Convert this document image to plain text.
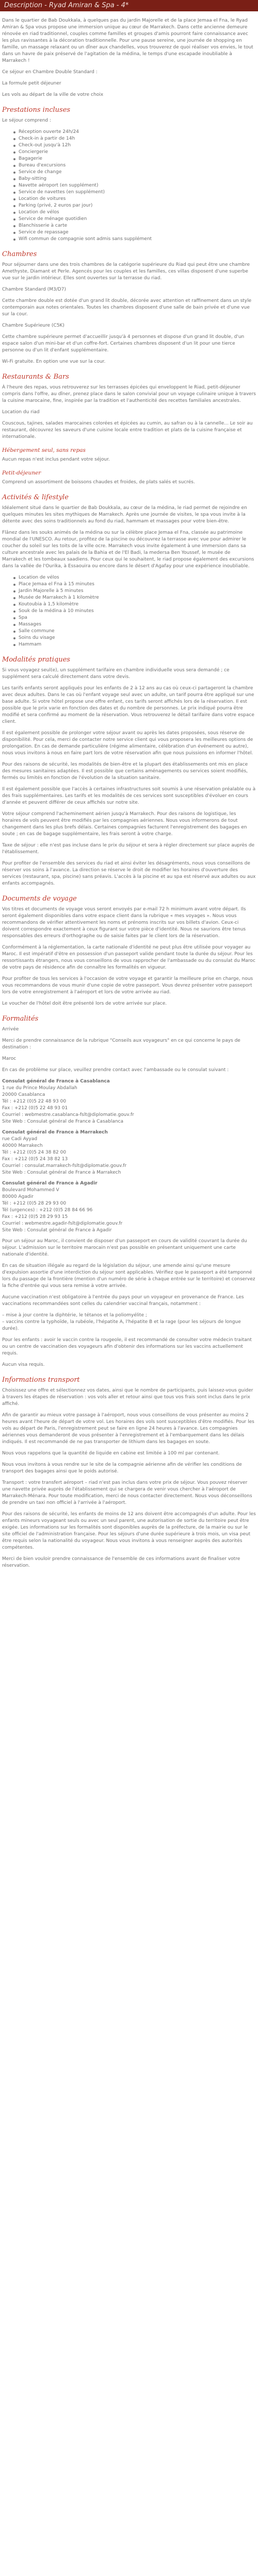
Description - Ryad Amiran & Spa - 4*

Dans le quartier de Bab Doukkala, à quelques pas du jardin Majorelle et de la place Jemaa el Fna, le Ryad Amiran & Spa vous propose une immersion unique au cœur de Marrakech. Dans cette ancienne demeure rénovée en riad traditionnel, couples comme familles et groupes d'amis pourront faire connaissance avec les plus ravissantes à la décoration traditionnelle. Pour une pause sereine, une journée de shopping en famille, un massage relaxant ou un dîner aux chandelles, vous trouverez de quoi réaliser vos envies, le tout dans un havre de paix préservé de l'agitation de la médina, le temps d'une escapade inoubliable à Marrakech !

Ce séjour en Chambre Double Standard :

La formule petit déjeuner

Les vols au départ de la ville de votre choix

Prestations incluses

Le séjour comprend :

Réception ouverte 24h/24
Check-in à partir de 14h
Check-out jusqu'à 12h
Conciergerie
Bagagerie
Bureau d'excursions
Service de change
Baby-sitting
Navette aéroport (en supplément)
Service de navettes (en supplément)
Location de voitures
Parking (privé, 2 euros par jour)
Location de vélos
Service de ménage quotidien
Blanchisserie à carte
Service de repassage
Wifi commun de compagnie sont admis sans supplément
Chambres

Pour séjourner dans une des trois chambres de la catégorie supérieure du Riad qui peut être une chambre Amethyste, Diamant et Perle. Agencés pour les couples et les familles, ces villas disposent d'une superbe vue sur le jardin intérieur. Elles sont ouvertes sur la terrasse du riad.

Chambre Standard (M3/D7)

Cette chambre double est dotée d'un grand lit double, décorée avec attention et raffinement dans un style contemporain aux notes orientales. Toutes les chambres disposent d'une salle de bain privée et d'une vue sur la cour.

Chambre Supérieure (C5K)

Cette chambre supérieure permet d'accueillir jusqu'à 4 personnes et dispose d'un grand lit double, d'un espace salon d'un mini-bar et d'un coffre-fort. Certaines chambres disposent d'un lit pour une tierce personne ou d'un lit d'enfant supplémentaire.

Wi-Fi gratuite. En option une vue sur la cour.

Restaurants & Bars

À l'heure des repas, vous retrouverez sur les terrasses épicées qui enveloppent le Riad, petit-déjeuner compris dans l'offre, au dîner, prenez place dans le salon convivial pour un voyage culinaire unique à travers la cuisine marocaine, fine, inspirée par la tradition et l'authenticité des recettes familiales ancestrales.

Location du riad

Couscous, tajines, salades marocaines colorées et épicées au cumin, au safran ou à la cannelle... Le soir au restaurant, découvrez les saveurs d'une cuisine locale entre tradition et plats de la cuisine française et internationale.

Hébergement seul, sans repas

Aucun repas n'est inclus pendant votre séjour.

Petit-déjeuner

Comprend un assortiment de boissons chaudes et froides, de plats salés et sucrés.

Activités & lifestyle

Idéalement situé dans le quartier de Bab Doukkala, au cœur de la médina, le riad permet de rejoindre en quelques minutes les sites mythiques de Marrakech. Après une journée de visites, le spa vous invite à la détente avec des soins traditionnels au fond du riad, hammam et massages pour votre bien-être.

Flânez dans les souks animés de la médina ou sur la célèbre place Jemaa el Fna, classée au patrimoine mondial de l'UNESCO. Au retour, profitez de la piscine ou découvrez la terrasse avec vue pour admirer le coucher du soleil sur les toits de la ville ocre. Marrakech vous invite également à une immersion dans sa culture ancestrale avec les palais de la Bahia et de l'El Badi, la medersa Ben Youssef, le musée de Marrakech et les tombeaux saadiens. Pour ceux qui le souhaitent, le riad propose également des excursions dans la vallée de l'Ourika, à Essaouira ou encore dans le désert d'Agafay pour une expérience inoubliable.

Location de vélos
Place Jemaa el Fna à 15 minutes
Jardin Majorelle à 5 minutes
Musée de Marrakech à 1 kilomètre
Koutoubia à 1,5 kilomètre
Souk de la médina à 10 minutes
Spa
Massages
Salle commune
Soins du visage
Hammam
Modalités pratiques

Si vous voyagez seul(e), un supplément tarifaire en chambre individuelle vous sera demandé ; ce supplément sera calculé directement dans votre devis.

Les tarifs enfants seront appliqués pour les enfants de 2 à 12 ans au cas où ceux-ci partageront la chambre avec deux adultes. Dans le cas où l'enfant voyage seul avec un adulte, un tarif pourra être appliqué sur une base adulte. Si votre hôtel propose une offre enfant, ces tarifs seront affichés lors de la réservation. Il est possible que le prix varie en fonction des dates et du nombre de personnes. Le prix indiqué pourra être modifié et sera confirmé au moment de la réservation. Vous retrouverez le détail tarifaire dans votre espace client.

Il est également possible de prolonger votre séjour avant ou après les dates proposées, sous réserve de disponibilité. Pour cela, merci de contacter notre service client qui vous proposera les meilleures options de prolongation. En cas de demande particulière (régime alimentaire, célébration d'un événement ou autre), nous vous invitons à nous en faire part lors de votre réservation afin que nous puissions en informer l'hôtel.

Pour des raisons de sécurité, les modalités de bien-être et la plupart des établissements ont mis en place des mesures sanitaires adaptées. Il est possible que certains aménagements ou services soient modifiés, fermés ou limités en fonction de l'évolution de la situation sanitaire.

Il est également possible que l'accès à certaines infrastructures soit soumis à une réservation préalable ou à des frais supplémentaires. Les tarifs et les modalités de ces services sont susceptibles d'évoluer en cours d'année et peuvent différer de ceux affichés sur notre site.

Votre séjour comprend l'acheminement aérien jusqu'à Marrakech. Pour des raisons de logistique, les horaires de vols peuvent être modifiés par les compagnies aériennes. Nous vous informerons de tout changement dans les plus brefs délais. Certaines compagnies facturent l'enregistrement des bagages en soute ; en cas de bagage supplémentaire, les frais seront à votre charge.

Taxe de séjour : elle n'est pas incluse dans le prix du séjour et sera à régler directement sur place auprès de l'établissement.

Pour profiter de l'ensemble des services du riad et ainsi éviter les désagréments, nous vous conseillons de réserver vos soins à l'avance. La direction se réserve le droit de modifier les horaires d'ouverture des services (restaurant, spa, piscine) sans préavis. L'accès à la piscine et au spa est réservé aux adultes ou aux enfants accompagnés.

Documents de voyage

Vos titres et documents de voyage vous seront envoyés par e-mail 72 h minimum avant votre départ. Ils seront également disponibles dans votre espace client dans la rubrique « mes voyages ». Nous vous recommandons de vérifier attentivement les noms et prénoms inscrits sur vos billets d'avion. Ceux-ci doivent correspondre exactement à ceux figurant sur votre pièce d'identité. Nous ne saurions être tenus responsables des erreurs d'orthographe ou de saisie faites par le client lors de la réservation.

Conformément à la réglementation, la carte nationale d'identité ne peut plus être utilisée pour voyager au Maroc. Il est impératif d'être en possession d'un passeport valide pendant toute la durée du séjour. Pour les ressortissants étrangers, nous vous conseillons de vous rapprocher de l'ambassade ou du consulat du Maroc de votre pays de résidence afin de connaître les formalités en vigueur.

Pour profiter de tous les services à l'occasion de votre voyage et garantir la meilleure prise en charge, nous vous recommandons de vous munir d'une copie de votre passeport. Vous devrez présenter votre passeport lors de votre enregistrement à l'aéroport et lors de votre arrivée au riad.

Le voucher de l'hôtel doit être présenté lors de votre arrivée sur place.

Formalités

Arrivée

Merci de prendre connaissance de la rubrique "Conseils aux voyageurs" en ce qui concerne le pays de destination :

Maroc

En cas de problème sur place, veuillez prendre contact avec l'ambassade ou le consulat suivant :

Consulat général de France à Casablanca
1 rue du Prince Moulay Abdallah
20000 Casablanca
Tél : +212 (0)5 22 48 93 00
Fax : +212 (0)5 22 48 93 01
Courriel : webmestre.casablanca-fslt@diplomatie.gouv.fr
Site Web : Consulat général de France à Casablanca

Consulat général de France à Marrakech
rue Cadi Ayyad
40000 Marrakech
Tél : +212 (0)5 24 38 82 00
Fax : +212 (0)5 24 38 82 13
Courriel : consulat.marrakech-fslt@diplomatie.gouv.fr
Site Web : Consulat général de France à Marrakech

Consulat général de France à Agadir
Boulevard Mohammed V
80000 Agadir
Tél : +212 (0)5 28 29 93 00
Tél (urgences) : +212 (0)5 28 84 66 96
Fax : +212 (0)5 28 29 93 15
Courriel : webmestre.agadir-fslt@diplomatie.gouv.fr
Site Web : Consulat général de France à Agadir

Pour un séjour au Maroc, il convient de disposer d'un passeport en cours de validité couvrant la durée du séjour. L'admission sur le territoire marocain n'est pas possible en présentant uniquement une carte nationale d'identité.

En cas de situation illégale au regard de la législation du séjour, une amende ainsi qu'une mesure d'expulsion assortie d'une interdiction du séjour sont applicables. Vérifiez que le passeport a été tamponné lors du passage de la frontière (mention d'un numéro de série à chaque entrée sur le territoire) et conservez la fiche d'entrée qui vous sera remise à votre arrivée.

Aucune vaccination n'est obligatoire à l'entrée du pays pour un voyageur en provenance de France. Les vaccinations recommandées sont celles du calendrier vaccinal français, notamment :

– mise à jour contre la diphtérie, le tétanos et la poliomyélite ;
– vaccins contre la typhoïde, la rubéole, l'hépatite A, l'hépatite B et la rage (pour les séjours de longue durée).

Pour les enfants : avoir le vaccin contre la rougeole, il est recommandé de consulter votre médecin traitant ou un centre de vaccination des voyageurs afin d'obtenir des informations sur les vaccins actuellement requis.

Aucun visa requis.

Informations transport

Choisissez une offre et sélectionnez vos dates, ainsi que le nombre de participants, puis laissez-vous guider à travers les étapes de réservation : vos vols aller et retour ainsi que tous vos frais sont inclus dans le prix affiché.

Afin de garantir au mieux votre passage à l'aéroport, nous vous conseillons de vous présenter au moins 2 heures avant l'heure de départ de votre vol. Les horaires des vols sont susceptibles d'être modifiés. Pour les vols au départ de Paris, l'enregistrement peut se faire en ligne 24 heures à l'avance. Les compagnies aériennes vous demanderont de vous présenter à l'enregistrement et à l'embarquement dans les délais indiqués. Il est recommandé de ne pas transporter de lithium dans les bagages en soute.

Nous vous rappelons que la quantité de liquide en cabine est limitée à 100 ml par contenant.

Nous vous invitons à vous rendre sur le site de la compagnie aérienne afin de vérifier les conditions de transport des bagages ainsi que le poids autorisé.

Transport : votre transfert aéroport – riad n'est pas inclus dans votre prix de séjour. Vous pouvez réserver une navette privée auprès de l'établissement qui se chargera de venir vous chercher à l'aéroport de Marrakech-Ménara. Pour toute modification, merci de nous contacter directement. Nous vous déconseillons de prendre un taxi non officiel à l'arrivée à l'aéroport.

Pour des raisons de sécurité, les enfants de moins de 12 ans doivent être accompagnés d'un adulte. Pour les enfants mineurs voyageant seuls ou avec un seul parent, une autorisation de sortie du territoire peut être exigée. Les informations sur les formalités sont disponibles auprès de la préfecture, de la mairie ou sur le site officiel de l'administration française. Pour les séjours d'une durée supérieure à trois mois, un visa peut être requis selon la nationalité du voyageur. Nous vous invitons à vous renseigner auprès des autorités compétentes.

Merci de bien vouloir prendre connaissance de l'ensemble de ces informations avant de finaliser votre réservation.
